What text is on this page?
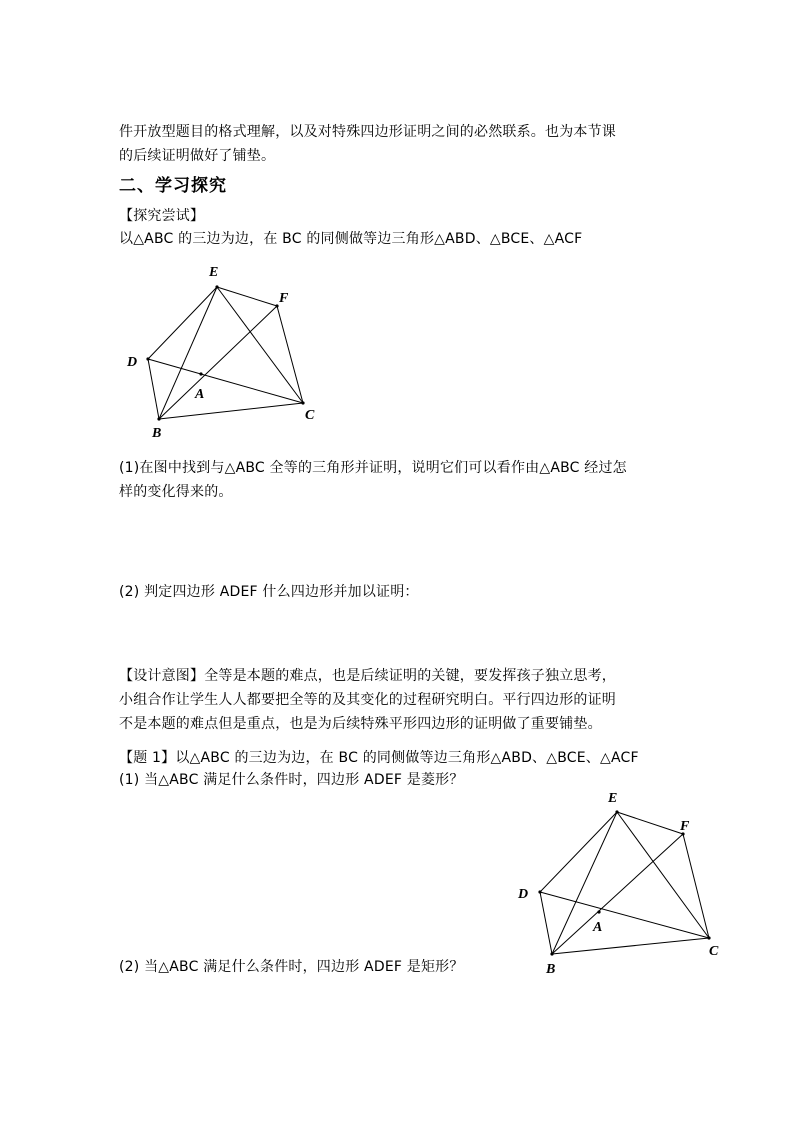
件开放型题目的格式理解，以及对特殊四边形证明之间的必然联系。也为本节课
的后续证明做好了铺垫。
二、学习探究
【探究尝试】
以△ABC 的三边为边，在 BC 的同侧做等边三角形△ABD、△BCE、△ACF
E
F
D
A
C
B
(1)在图中找到与△ABC 全等的三角形并证明，说明它们可以看作由△ABC 经过怎
样的变化得来的。
(2) 判定四边形 ADEF 什么四边形并加以证明：
【设计意图】全等是本题的难点，也是后续证明的关键，要发挥孩子独立思考，
小组合作让学生人人都要把全等的及其变化的过程研究明白。平行四边形的证明
不是本题的难点但是重点，也是为后续特殊平形四边形的证明做了重要铺垫。
【题 1】以△ABC 的三边为边，在 BC 的同侧做等边三角形△ABD、△BCE、△ACF
(1) 当△ABC 满足什么条件时，四边形 ADEF 是菱形？
(2) 当△ABC 满足什么条件时，四边形 ADEF 是矩形？
E
F
D
A
C
B
